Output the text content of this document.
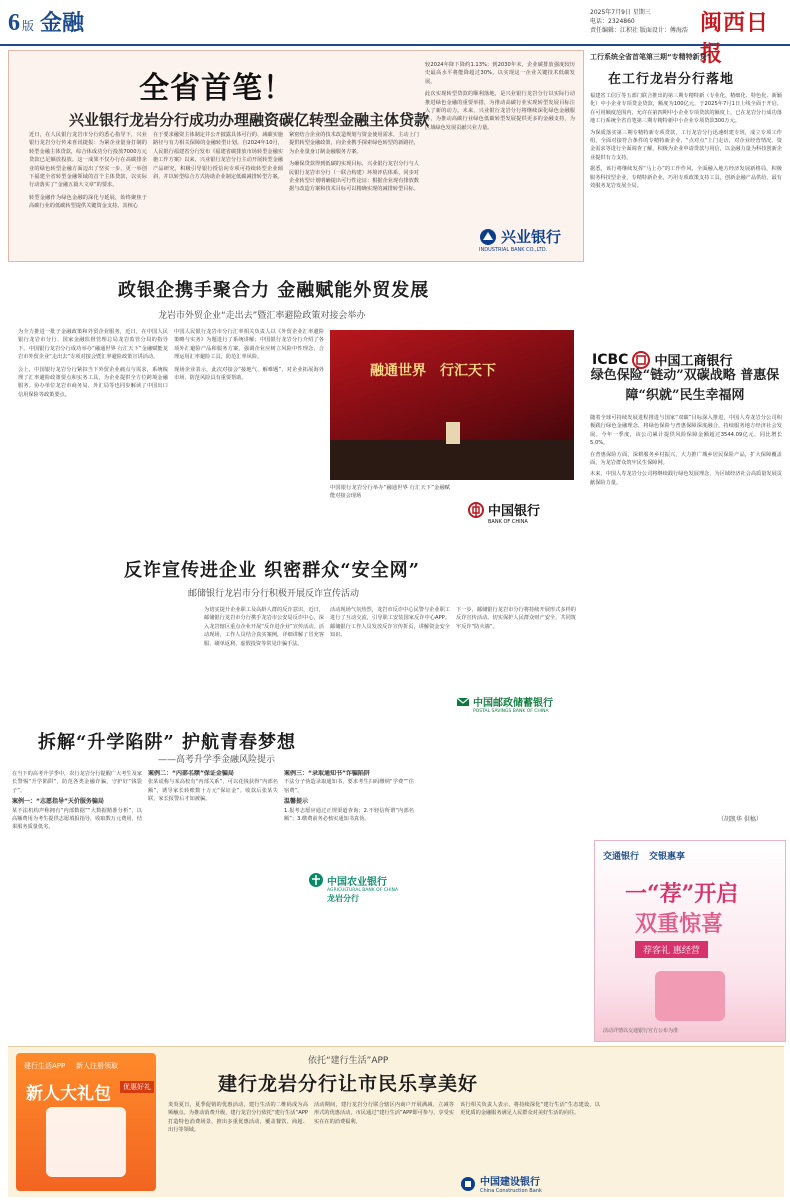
6 版 金融	2025年7月9日 星期三
电话：2324860
责任编辑：江积社 版面设计：傅海浩 闽西日报
全省首笔！
兴业银行龙岩分行成功办理融资碳亿转型金融主体贷款
近日，在人民银行龙岩市分行的悉心指导下，兴业银行龙岩分行传来喜讯捷报：为紧企业量身打制的转型金融主体贷款，综合体成功分行投放7000万元贷款已足额放投放。这一成果不仅办行在高碳排企业的绿色转型金融方面迈出了坚实一步，更一举创下福建全省转型金融领域的首个主体贷款，以实际行动落实了“金融五篇大文章”的要求。
转型金融作为绿色金融的深化与延展，始终聚焦于高碳行业的低碳转型提供关键资金支持。其核心
在于要求融资主体制定并公开披露具体可行的、减碳实施路径与有力相关保障的金融转型计划。自2024年10月，人民银行福建省分行发布《福建省碳排放市场转型金融实施工作方案》以来，兴业银行龙岩分行主动开展转型金融产品研究，积极引导银行授信向专项可持续转型企业倾斜，并以转型综合方式协助企业制定低碳减排转型方案。
紧密结合企业的技术改造规划与资金使用需求，主动上门提供转型金融政策，向企业携手探索绿色转型的新路径，为企业量身订制金融服务方案。
为确保贷款得到低碳的实现目标，兴业银行龙岩分行与人民银行龙岩市分行（一联合构建）环境评估体系，同步对企业转型计划明确提出可行性论证：根据企业现有排放数据与改造方案和技术目标可以精确实现的减排转型目标。
较2024年降下降约1.13%；到2030年末，企业碳排放强度较历史最高水平将能降超过30%，以实现这一企业关键技术低碳发展。
此次实现转型贷款的顺利落地，是兴业银行龙岩分行以实际行动推进绿色金融的重要举措，为推动高碳行业实现转型发展目标注入了新的动力。未来，兴业银行龙岩分行将继续深化绿色金融服务，为推动高碳行业绿色低碳转型发展提供更多的金融支持，为区域绿色发展贡献兴业力量。
兴业银行
INDUSTRIAL BANK CO.,LTD.
工行系统全省首笔第三期“专精特新贷”
在工行龙岩分行落地
福建省工信厅等五部门联合推出的第三期专精特新（专业化、精细化、特色化、新颖化）中小企业专项贷金贷款，额度为100亿元，于2025年7月1日上线全面于开启。在可用额度范围内，允许在第四期中小企业专项贷款的额度上，已在龙岩分行成功落地工行系统全省首笔第三期专精特新中小企业专项贷款300万元。
为保质落实第三期专精特新专项贷款，工行龙岩分行迅速组建专班，成立专项工作组，全面对接符合条件的专精特新企业，“点对点”上门走访，对企业经营情况、资金需求等进行全面调查了解，积极为企业申请贷款与用信，以金融力量为科技创新企业提供有力支持。
据悉，该行将继续发挥“马上办”的工作作风，全面融入地方经济发展新格局，积极服务科技型企业，专精特新企业，巧用专项政策支持工具，创新金融产品供给，最有效服务龙岩发展全局。
ICBC 中国工商银行
政银企携手聚合力 金融赋能外贸发展
龙岩市外贸企业“走出去”暨汇率避险政策对接会举办
为全力推进一批子金融政策和外贸企业服务，近日，在中国人民银行龙岩市分行、国家金融监督管理总局龙岩监管分局的指导下，中国银行龙岩分行成功举办“融通世界 行汇天下”金融赋能龙岩市外贸企业“走出去”专项对接会暨汇率避险政策宣讲活动。
会上，中国银行龙岩分行紧扣当下外贸企业痛点与需求，系统梳理了汇率避险政策要点和实务工具，为企业提供全方位跨境金融服务。协办单位龙岩市商务局、外汇局等也同步解读了中国出口信用保险等政策要点。
中国人民银行龙岩市分行汇率相关负责人以《外贸企业汇率避险策略与实务》为题进行了系统讲解；中国银行龙岩分行介绍了各项外汇避险产品和服务方案，强调企业应树立风险中性理念，合理运用汇率避险工具，防范汇率风险。
现场企业表示，此次对接会“接地气、解难题”，对企业拓展海外市场、防范风险具有重要帮助。	融通世界 行汇天下
中国银行龙岩分行举办“融通世界 行汇天下”金融赋能对接会现场
中国银行
BANK OF CHINA
绿色保险“链动”双碳战略 普惠保障“织就”民生幸福网
随着全球可持续发展进程推进与国家“双碳”目标深入推进，中国人寿龙岩分公司积极践行绿色金融理念，将绿色保险与普惠保障深度融合，持续服务地方经济社会发展。今年一季度，该公司累计提供风险保障金额超过3544.09亿元，同比增长5.0%。
在普惠保险方面，深耕服务乡村振兴，大力推广城乡居民保险产品，扩大保障覆盖面，为龙岩群众筑牢民生保障网。
未来，中国人寿龙岩分公司将继续践行绿色发展理念，为区域经济社会高质量发展贡献保险力量。
（胡凯华 供稿）
反诈宣传进企业 织密群众“安全网”
邮储银行龙岩市分行积极开展反诈宣传活动
为切实提升企业职工及高龄人群的反诈意识，近日，邮储银行龙岩市分行携手龙岩市公安局反诈中心，深入龙岩辖区重点企业开展“反诈进企业”宣传活动。活动现场，工作人员结合真实案例，详细讲解了冒充客服、刷单返利、虚假投资等常见诈骗手法。
活动现场气氛热烈，龙岩市反诈中心民警与企业职工进行了互动交流，引导职工安装国家反诈中心APP。邮储银行工作人员发放反诈宣传折页，讲解资金安全知识。
下一步，邮储银行龙岩市分行将持续开展形式多样的反诈宣传活动，切实保护人民群众财产安全，共同筑牢反诈“防火墙”。
中国邮政储蓄银行
POSTAL SAVINGS BANK OF CHINA
拆解“升学陷阱” 护航青春梦想
——高考升学季金融风险提示
在当下的高考升学季中，农行龙岩分行提醒广大考生及家长警惕“升学陷阱”，防范各类金融诈骗，守护好“钱袋子”。
案例一：“志愿指导”天价服务骗局
某不法机构声称拥有“内部数据”“大数据精准分析”，以高额费用为考生提供志愿填报指导，收取数万元费用，结果服务质量低劣。
案例二：“内部名额”保证金骗局
张某谎称与某高校有“内部关系”，可以花钱获得“内部名额”，诱导家长转账数十万元“保证金”。收款后张某失联，家长报警后才知被骗。
案例三：“录取通知书”诈骗陷阱
不法分子伪造录取通知书，要求考生扫码缴纳“学费”“住宿费”。
温馨提示
1.报考志愿应通过正规渠道查询；2.不轻信所谓“内部名额”；3.缴费前务必核实通知书真伪。
中国农业银行
AGRICULTURAL BANK OF CHINA
龙岩分行
交通银行 交银惠享
一“荐”开启
双重惊喜
荐客礼 惠经营
活动详情以交通银行官方公布为准
建行生活APP 新人注册领取
新人大礼包	优惠好礼
依托“建行生活”APP
建行龙岩分行让市民乐享美好
炎炎夏日，夏季促销的优惠活动，建行生活的二维码成为高频触点。为推动消费升级，建行龙岩分行依托“建行生活”APP打造特色消费场景，推出多重优惠活动，覆盖餐饮、商超、出行等领域。
活动期间，建行龙岩分行联合辖区内商户开展满减、立减等形式的优惠活动，市民通过“建行生活”APP即可参与，享受实实在在的消费福利。
该行相关负责人表示，将持续深化“建行生活”生态建设，以更优质的金融服务满足人民群众对美好生活的向往。
中国建设银行
China Construction Bank
